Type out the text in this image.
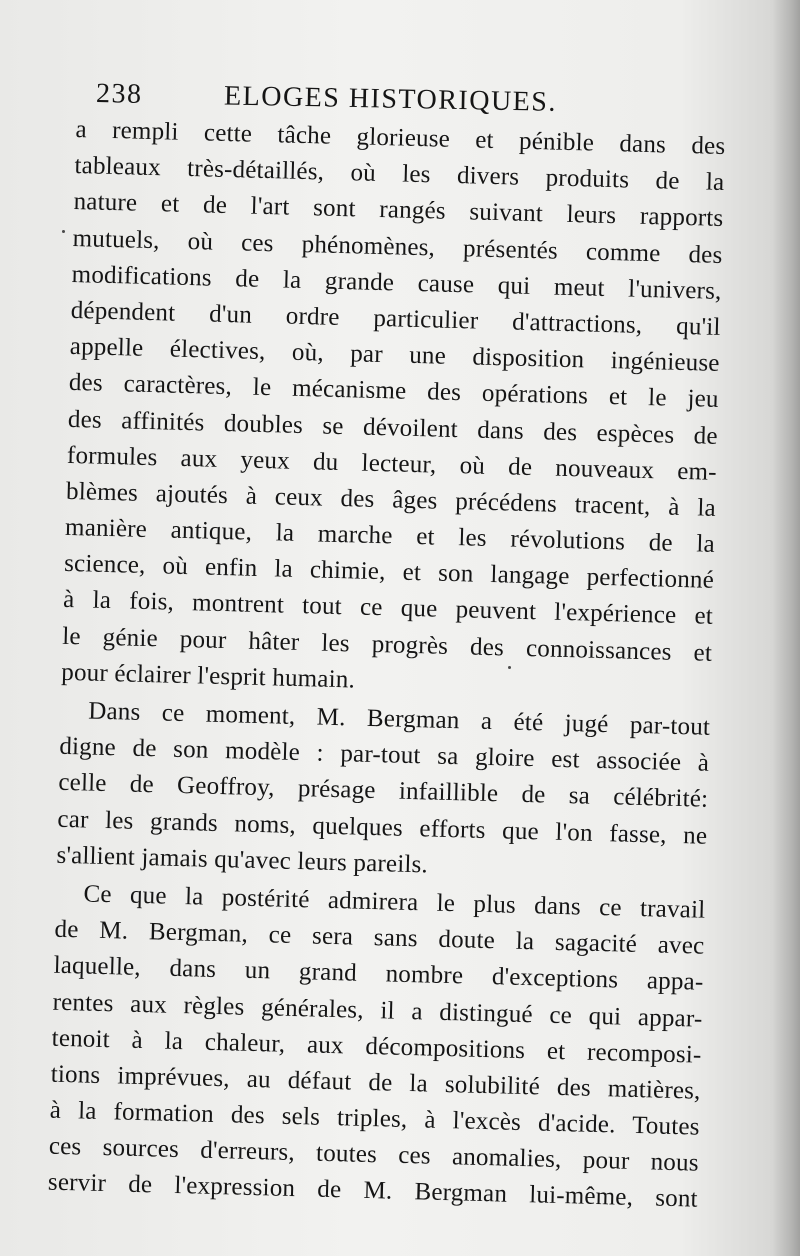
238	ELOGES HISTORIQUES.
a rempli cette tâche glorieuse et pénible dans des
tableaux très-détaillés, où les divers produits de la
nature et de l'art sont rangés suivant leurs rapports
mutuels, où ces phénomènes, présentés comme des
modifications de la grande cause qui meut l'univers,
dépendent d'un ordre particulier d'attractions, qu'il
appelle électives, où, par une disposition ingénieuse
des caractères, le mécanisme des opérations et le jeu
des affinités doubles se dévoilent dans des espèces de
formules aux yeux du lecteur, où de nouveaux em-
blèmes ajoutés à ceux des âges précédens tracent, à la
manière antique, la marche et les révolutions de la
science, où enfin la chimie, et son langage perfectionné
à la fois, montrent tout ce que peuvent l'expérience et
le génie pour hâter les progrès des connoissances et
pour éclairer l'esprit humain.
Dans ce moment, M. Bergman a été jugé par-tout
digne de son modèle : par-tout sa gloire est associée à
celle de Geoffroy, présage infaillible de sa célébrité:
car les grands noms, quelques efforts que l'on fasse, ne
s'allient jamais qu'avec leurs pareils.
Ce que la postérité admirera le plus dans ce travail
de M. Bergman, ce sera sans doute la sagacité avec
laquelle, dans un grand nombre d'exceptions appa-
rentes aux règles générales, il a distingué ce qui appar-
tenoit à la chaleur, aux décompositions et recomposi-
tions imprévues, au défaut de la solubilité des matières,
à la formation des sels triples, à l'excès d'acide. Toutes
ces sources d'erreurs, toutes ces anomalies, pour nous
servir de l'expression de M. Bergman lui-même, sont
